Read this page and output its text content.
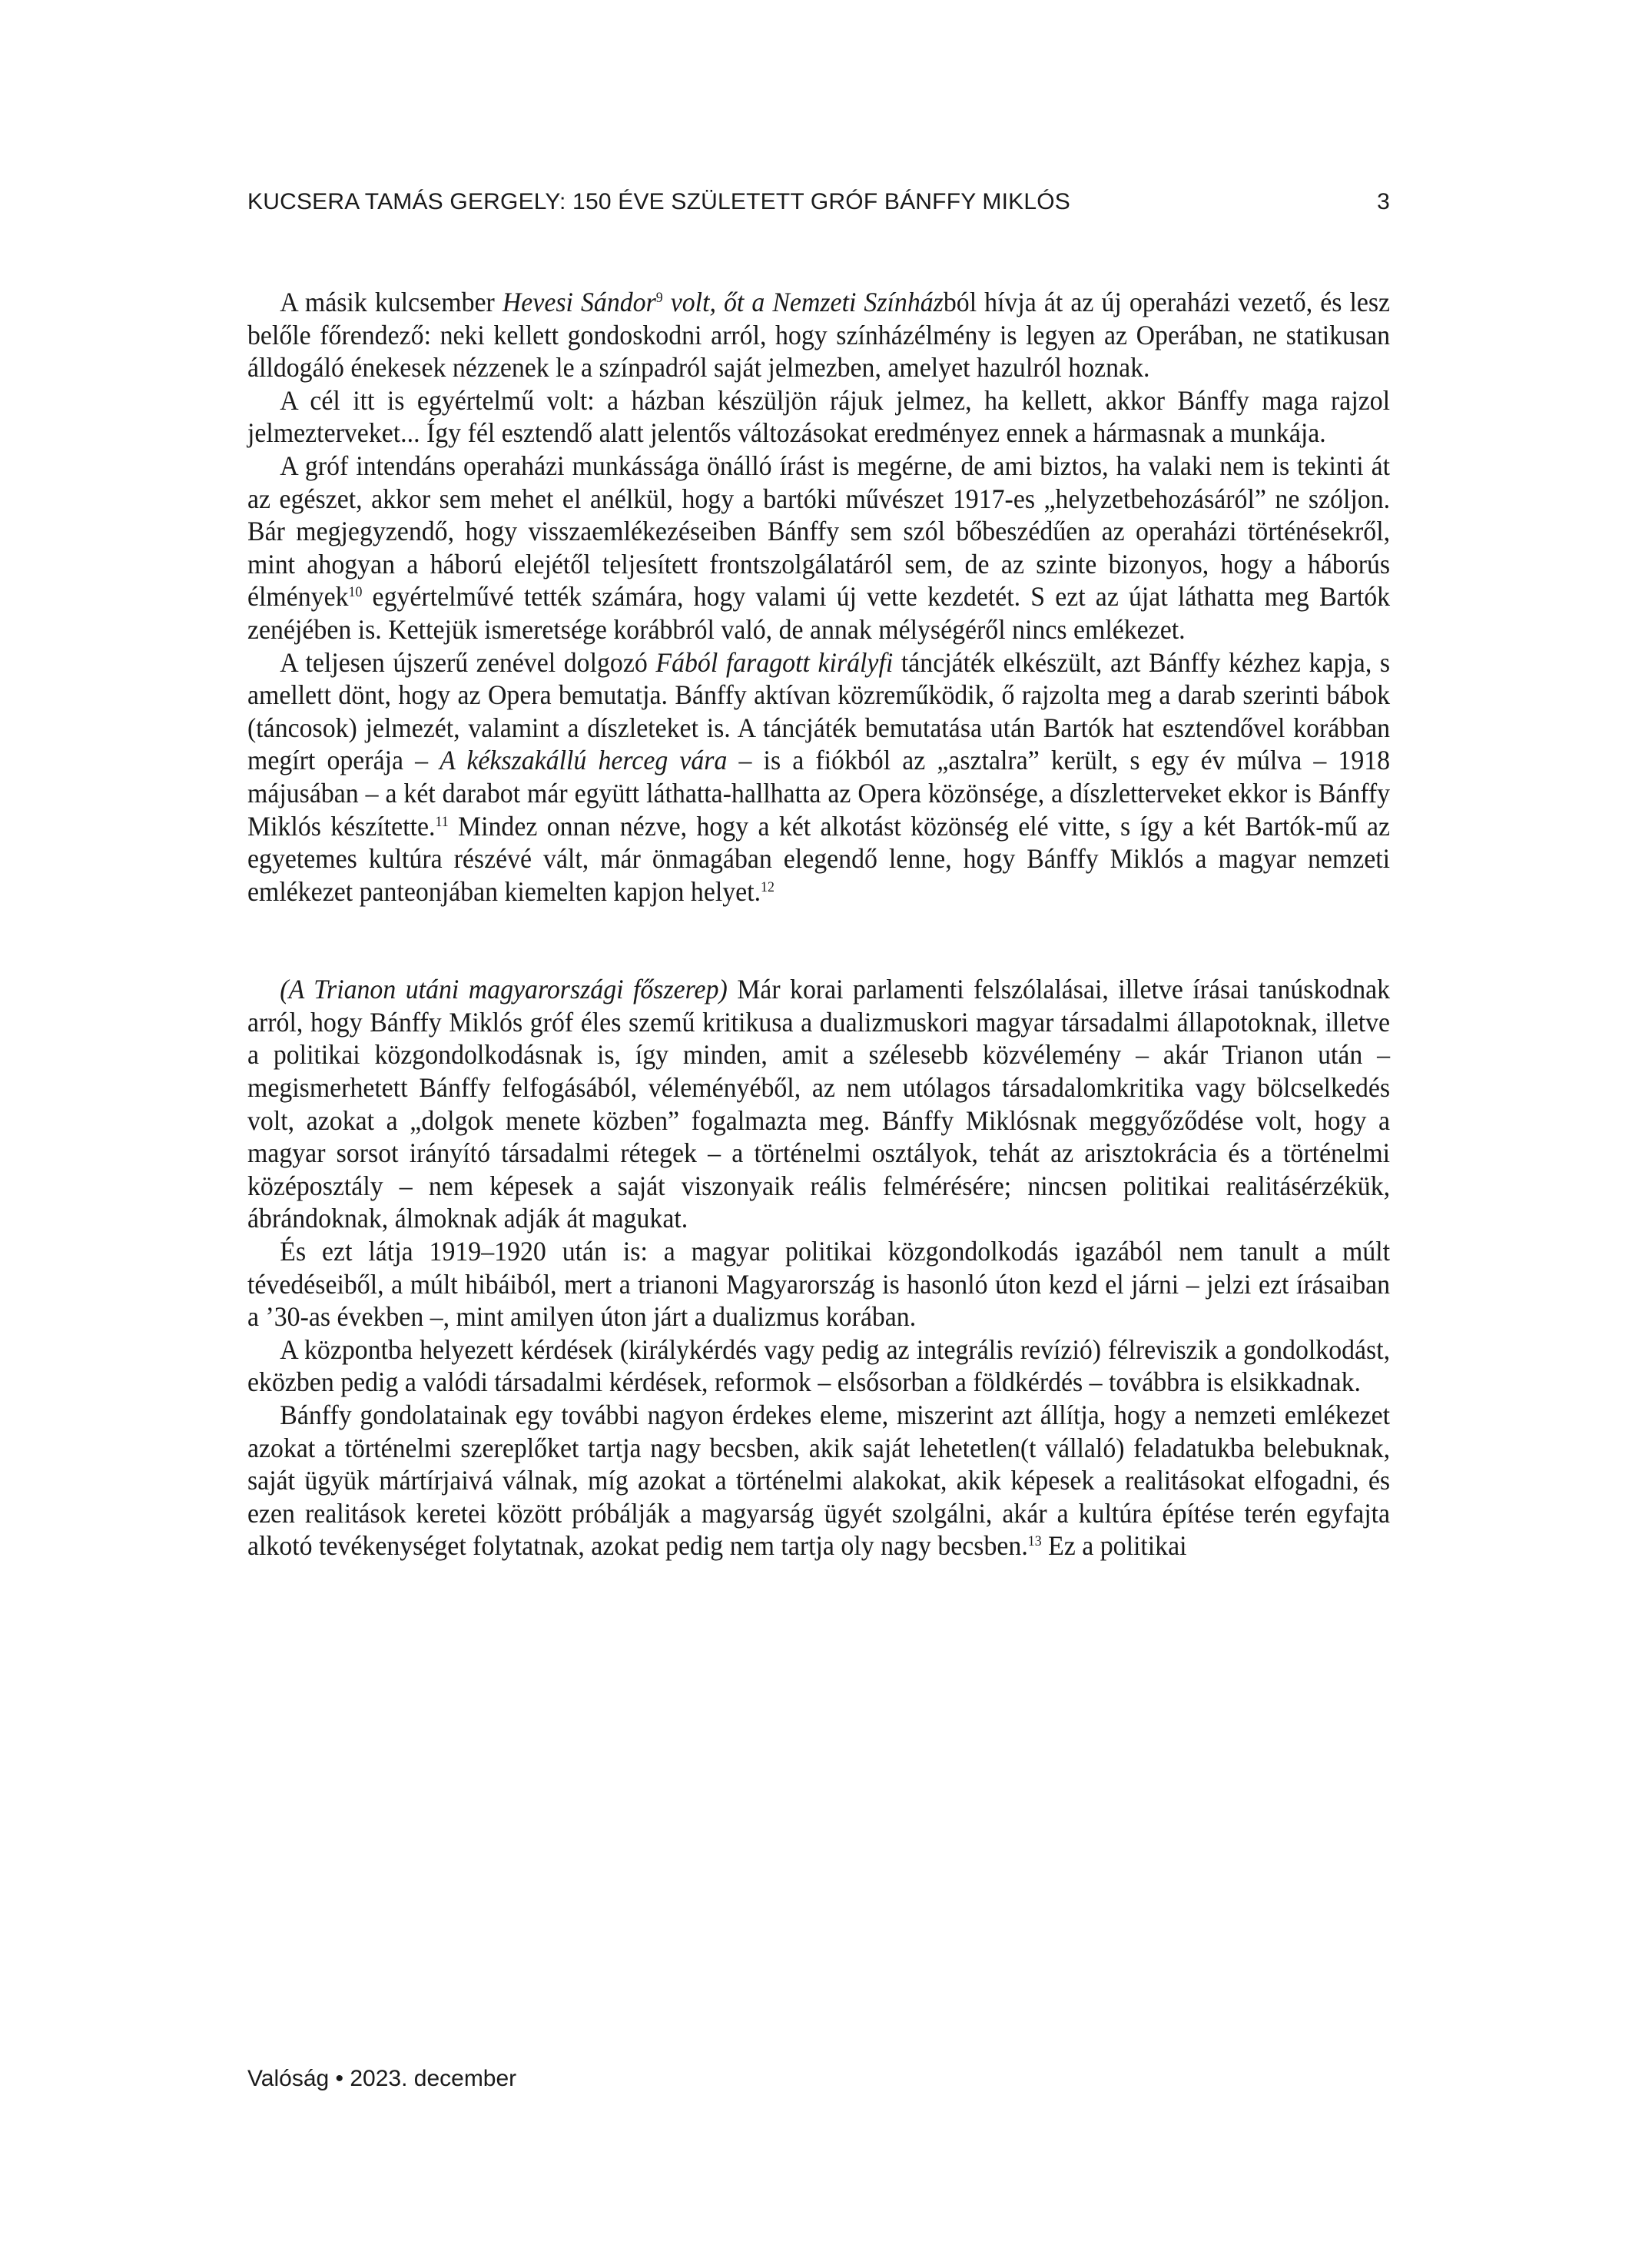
KUCSERA TAMÁS GERGELY: 150 ÉVE SZÜLETETT GRÓF BÁNFFY MIKLÓS	3

A másik kulcsember Hevesi Sándor$^9$ volt, őt a Nemzeti Színházból hívja át az új operaházi vezető, és lesz belőle főrendező: neki kellett gondoskodni arról, hogy színházélmény is legyen az Operában, ne statikusan álldogáló énekesek nézzenek le a színpadról saját jelmezben, amelyet hazulról hoznak.

A cél itt is egyértelmű volt: a házban készüljön rájuk jelmez, ha kellett, akkor Bánffy maga rajzol jelmezterveket... Így fél esztendő alatt jelentős változásokat eredményez ennek a hármasnak a munkája.

A gróf intendáns operaházi munkássága önálló írást is megérne, de ami biztos, ha valaki nem is tekinti át az egészet, akkor sem mehet el anélkül, hogy a bartóki művészet 1917-es „helyzetbehozásáról” ne szóljon. Bár megjegyzendő, hogy visszaemlékezéseiben Bánffy sem szól bőbeszédűen az operaházi történésekről, mint ahogyan a háború elejétől teljesített frontszolgálatáról sem, de az szinte bizonyos, hogy a háborús élmények$^{10}$ egyértelművé tették számára, hogy valami új vette kezdetét. S ezt az újat láthatta meg Bartók zenéjében is. Kettejük ismeretsége korábbról való, de annak mélységéről nincs emlékezet.

A teljesen újszerű zenével dolgozó Fából faragott királyfi táncjáték elkészült, azt Bánffy kézhez kapja, s amellett dönt, hogy az Opera bemutatja. Bánffy aktívan közreműködik, ő rajzolta meg a darab szerinti bábok (táncosok) jelmezét, valamint a díszleteket is. A táncjáték bemutatása után Bartók hat esztendővel korábban megírt operája – A kékszakállú herceg vára – is a fiókból az „asztalra” került, s egy év múlva – 1918 májusában – a két darabot már együtt láthatta-hallhatta az Opera közönsége, a díszletterveket ekkor is Bánffy Miklós készítette.$^{11}$ Mindez onnan nézve, hogy a két alkotást közönség elé vitte, s így a két Bartók-mű az egyetemes kultúra részévé vált, már önmagában elegendő lenne, hogy Bánffy Miklós a magyar nemzeti emlékezet panteonjában kiemelten kapjon helyet.$^{12}$

(A Trianon utáni magyarországi főszerep) Már korai parlamenti felszólalásai, illetve írásai tanúskodnak arról, hogy Bánffy Miklós gróf éles szemű kritikusa a dualizmuskori magyar társadalmi állapotoknak, illetve a politikai közgondolkodásnak is, így minden, amit a szélesebb közvélemény – akár Trianon után – megismerhetett Bánffy felfogásából, véleményéből, az nem utólagos társadalomkritika vagy bölcselkedés volt, azokat a „dolgok menete közben” fogalmazta meg. Bánffy Miklósnak meggyőződése volt, hogy a magyar sorsot irányító társadalmi rétegek – a történelmi osztályok, tehát az arisztokrácia és a történelmi középosztály – nem képesek a saját viszonyaik reális felmérésére; nincsen politikai realitásérzékük, ábrándoknak, álmoknak adják át magukat.

És ezt látja 1919–1920 után is: a magyar politikai közgondolkodás igazából nem tanult a múlt tévedéseiből, a múlt hibáiból, mert a trianoni Magyarország is hasonló úton kezd el járni – jelzi ezt írásaiban a ’30-as években –, mint amilyen úton járt a dualizmus korában.

A központba helyezett kérdések (királykérdés vagy pedig az integrális revízió) félreviszik a gondolkodást, eközben pedig a valódi társadalmi kérdések, reformok – elsősorban a földkérdés – továbbra is elsikkadnak.

Bánffy gondolatainak egy további nagyon érdekes eleme, miszerint azt állítja, hogy a nemzeti emlékezet azokat a történelmi szereplőket tartja nagy becsben, akik saját lehetetlen(t vállaló) feladatukba belebuknak, saját ügyük mártírjaivá válnak, míg azokat a történelmi alakokat, akik képesek a realitásokat elfogadni, és ezen realitások keretei között próbálják a magyarság ügyét szolgálni, akár a kultúra építése terén egyfajta alkotó tevékenységet folytatnak, azokat pedig nem tartja oly nagy becsben.$^{13}$ Ez a politikai

Valóság • 2023. december
